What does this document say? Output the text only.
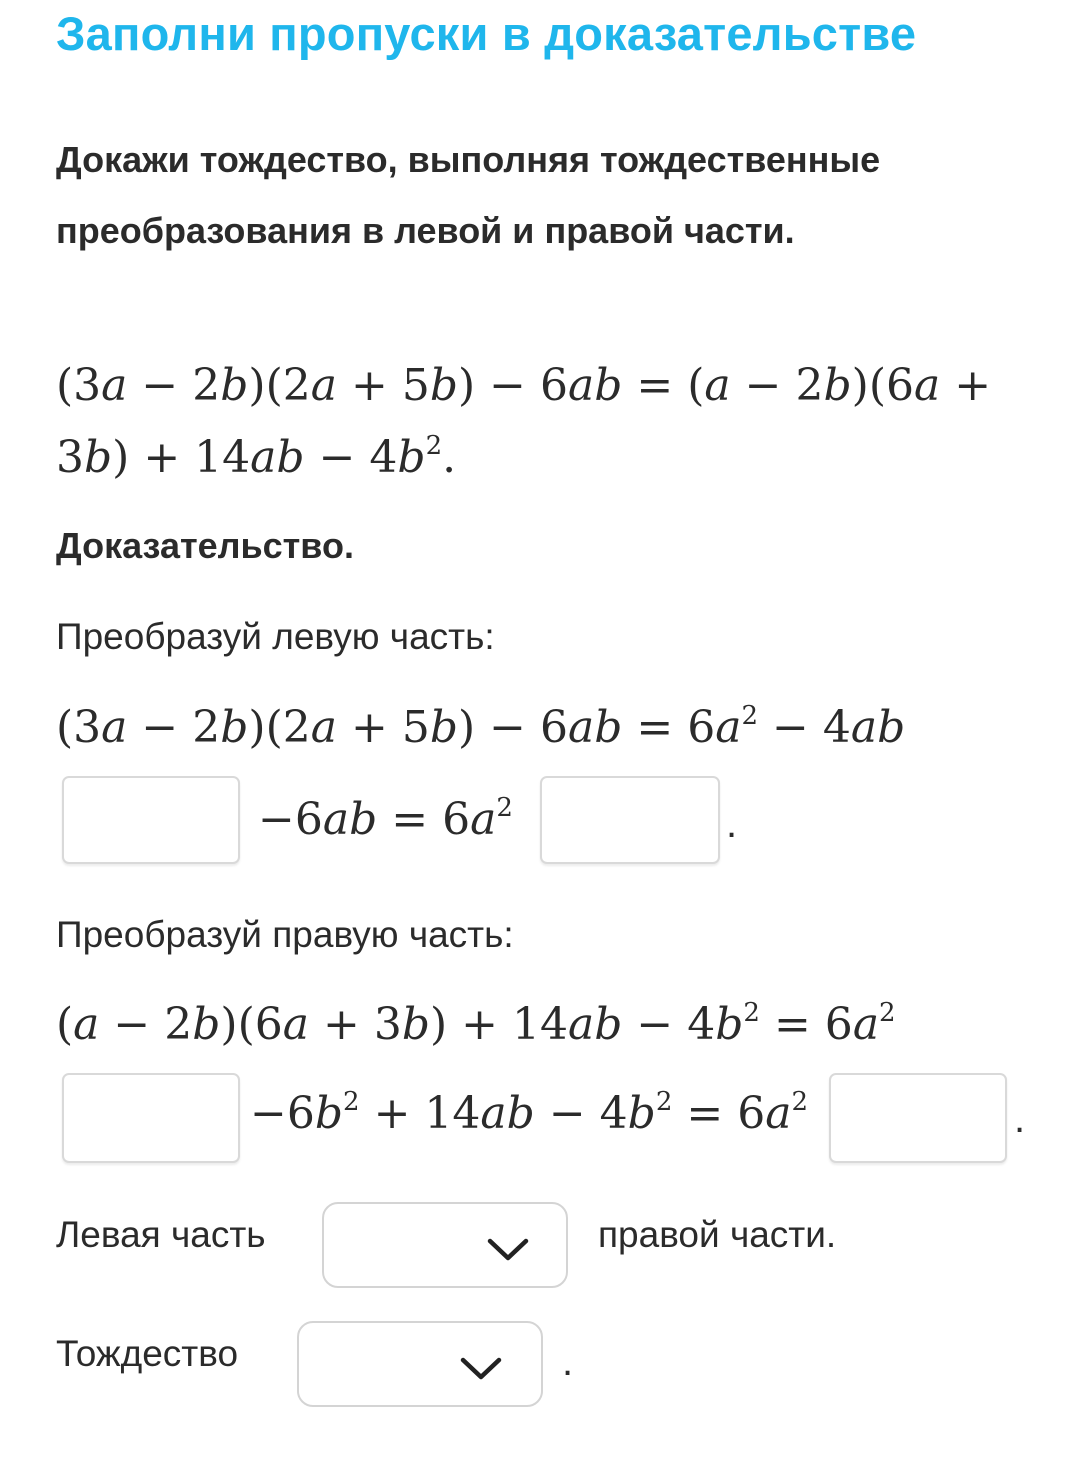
Заполни пропуски в доказательстве
Докажи тождество, выполняя тождественные преобразования в левой и правой части.
(3a − 2b)(2a + 5b) − 6ab = (a − 2b)(6a +
$3b) + 14ab - 4b^2$.
Доказательство.
Преобразуй левую часть:
$(3a - 2b)(2a + 5b) - 6ab = 6a^2 - 4ab$
$-6ab = 6a^2$	.
Преобразуй правую часть:
$(a - 2b)(6a + 3b) + 14ab - 4b^2 = 6a^2$
$-6b^2 + 14ab - 4b^2 = 6a^2$	.
Левая часть	правой части.
Тождество	.
